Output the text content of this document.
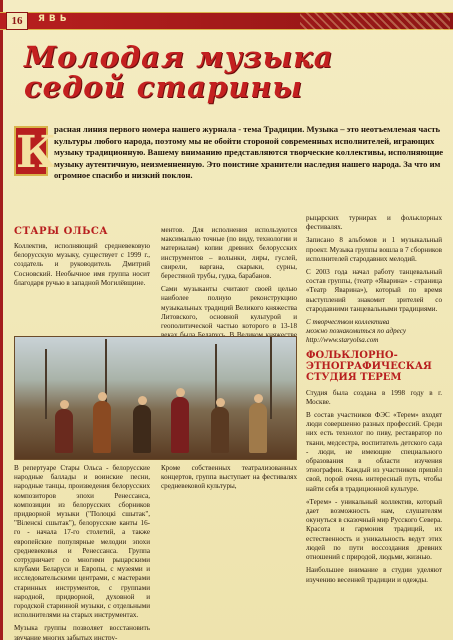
16	ЯВЬ
Молодая музыка
седой старины
К
расная линия первого номера нашего журнала - тема Традиции. Музыка – это неотъемлемая часть культуры любого народа, поэтому мы не обойти стороной современных исполнителей, играющих музыку традиционную. Вашему вниманию представляются творческие коллективы, исполняющие музыку аутентичную, неизменненную. Это поистине хранители наследия нашего народа. За что им огромное спасибо и низкий поклон.
СТАРЫ ОЛЬСА

Коллектив, исполняющий средневековую белорусскую музыку, существует с 1999 г., создатель и руководитель Дмитрий Сосновский. Необычное имя группа носит благодаря ручью в западной Могилёвщине.

ментов. Для исполнения используются максимально точные (по виду, технологии и материалам) копии древних белорусских инструментов – волынки, лиры, гуслей, свирели, варгана, скарыки, сурны, берестяной трубы, гудка, барабанов.

Сами музыканты считают своей целью наиболее полную реконструкцию музыкальных традиций Великого княжества Литовского, основной культурой и геополитической частью которого в 13-18

В репертуаре Стары Ольса - белорусские народные баллады и воинские песни, народные танцы, произведения белорусских композиторов эпохи Ренессанса, композиции из белорусских сборников придворной музыки ("Полоцкі сшытак", "Віленскі сшытак"), белорусские канты 16-го - начала 17-го столетий, а также европейские популярные мелодии эпохи средневековья и Ренессанса. Группа сотрудничает со многими рыцарскими клубами Беларуси и Европы, с музеями и исследовательскими центрами, с мастерами старинных инструментов, с группами народной, придворной, духовной и городской старинной музыки, с отдельными исполнителями на старых инструментах.

Музыка группы позволяет восстановить звучание многих забытых инстру-

Кроме собственных театрализованных концертов, группа выступает на фестивалях средневековой культуры,

рыцарских турнирах и фольклорных фестивалях.

Записано 8 альбомов и 1 музыкальный проект. Музыка группы вошла в 7 сборников исполнителей стародавних мелодий.

С 2003 года начал работу танцевальный состав группы, (театр «Яварина» - страница «Театр Яварина»), который по время выступлений знакомит зрителей со стародавними танцевальными традициями.

С творчеством коллектива

можно познакомиться по адресу

http://www.staryolsa.com

ФОЛЬКЛОРНО-ЭТНОГРАФИЧЕСКАЯ СТУДИЯ ТЕРЕМ

Студия была создана в 1998 году в г. Москве.

В состав участников ФЭС «Терем» входят люди совершенно разных профессий. Среди них есть технолог по пиву, реставратор по ткани, медсестра, воспитатель детского сада - люди, не имеющие специального образования в области изучения этнографии. Каждый из участников пришёл свой, порой очень интересный путь, чтобы найти себя в традиционной культуре.

«Терем» - уникальный коллектив, который дает возможность нам, слушателям окунуться в сказочный мир Русского Севера. Красота и гармония традиций, их естественность и уникальность ведут этих людей по пути воссоздания древних отношений с природой, людьми, жизнью.

Наибольшее внимание в студии уделяют изучению весенней традиции и одежды.
